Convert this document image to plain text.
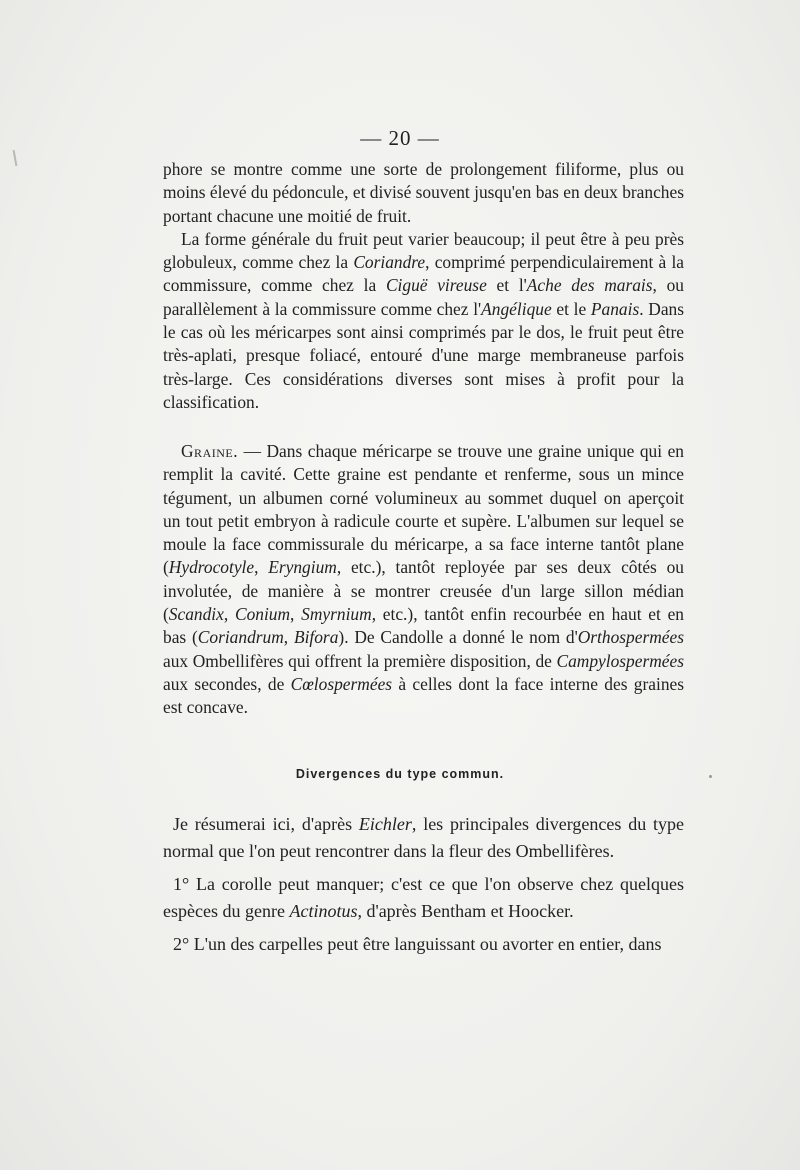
— 20 —

phore se montre comme une sorte de prolongement filiforme, plus ou moins élevé du pédoncule, et divisé souvent jusqu'en bas en deux branches portant chacune une moitié de fruit.

La forme générale du fruit peut varier beaucoup; il peut être à peu près globuleux, comme chez la Coriandre, comprimé perpendiculairement à la commissure, comme chez la Ciguë vireuse et l'Ache des marais, ou parallèlement à la commissure comme chez l'Angélique et le Panais. Dans le cas où les méricarpes sont ainsi comprimés par le dos, le fruit peut être très-aplati, presque foliacé, entouré d'une marge membraneuse parfois très-large. Ces considérations diverses sont mises à profit pour la classification.

Graine. — Dans chaque méricarpe se trouve une graine unique qui en remplit la cavité. Cette graine est pendante et renferme, sous un mince tégument, un albumen corné volumineux au sommet duquel on aperçoit un tout petit embryon à radicule courte et supère. L'albumen sur lequel se moule la face commissurale du méricarpe, a sa face interne tantôt plane (Hydrocotyle, Eryngium, etc.), tantôt reployée par ses deux côtés ou involutée, de manière à se montrer creusée d'un large sillon médian (Scandix, Conium, Smyrnium, etc.), tantôt enfin recourbée en haut et en bas (Coriandrum, Bifora). De Candolle a donné le nom d'Orthospermées aux Ombellifères qui offrent la première disposition, de Campylospermées aux secondes, de Cœlospermées à celles dont la face interne des graines est concave.

Divergences du type commun.

Je résumerai ici, d'après Eichler, les principales divergences du type normal que l'on peut rencontrer dans la fleur des Ombellifères.

1° La corolle peut manquer; c'est ce que l'on observe chez quelques espèces du genre Actinotus, d'après Bentham et Hoocker.

2° L'un des carpelles peut être languissant ou avorter en entier, dans
